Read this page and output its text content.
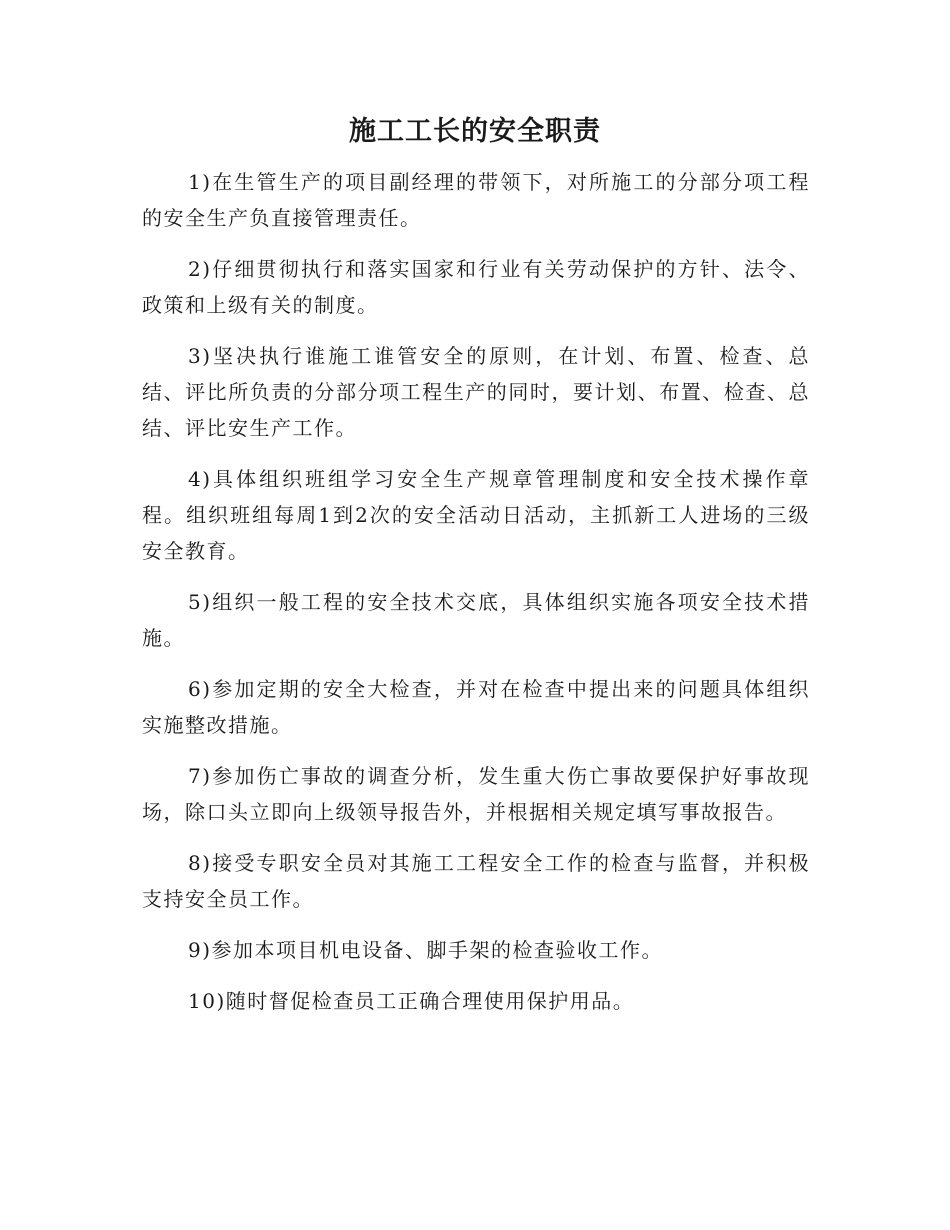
施工工长的安全职责

1)在生管生产的项目副经理的带领下，对所施工的分部分项工程的安全生产负直接管理责任。

2)仔细贯彻执行和落实国家和行业有关劳动保护的方针、法令、政策和上级有关的制度。

3)坚决执行谁施工谁管安全的原则，在计划、布置、检查、总结、评比所负责的分部分项工程生产的同时，要计划、布置、检查、总结、评比安生产工作。

4)具体组织班组学习安全生产规章管理制度和安全技术操作章程。组织班组每周1到2次的安全活动日活动，主抓新工人进场的三级安全教育。

5)组织一般工程的安全技术交底，具体组织实施各项安全技术措施。

6)参加定期的安全大检查，并对在检查中提出来的问题具体组织实施整改措施。

7)参加伤亡事故的调查分析，发生重大伤亡事故要保护好事故现场，除口头立即向上级领导报告外，并根据相关规定填写事故报告。

8)接受专职安全员对其施工工程安全工作的检查与监督，并积极支持安全员工作。

9)参加本项目机电设备、脚手架的检查验收工作。

10)随时督促检查员工正确合理使用保护用品。
